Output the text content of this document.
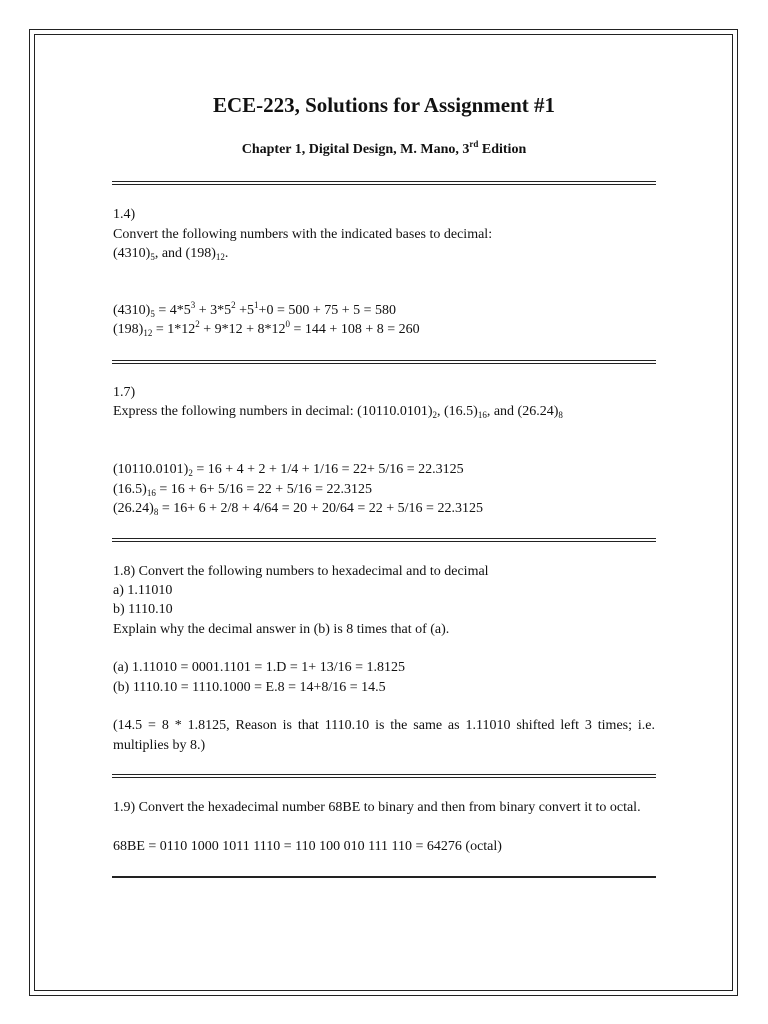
ECE-223, Solutions for Assignment #1
Chapter 1, Digital Design, M. Mano, 3rd Edition
1.4)
Convert the following numbers with the indicated bases to decimal:
$(4310)_5$, and $(198)_{12}$.
$(4310)_5 = 4*5^3 + 3*5^2 +5^1+0 = 500 + 75 + 5 = 580$
$(198)_{12} = 1*12^2 + 9*12 + 8*12^0 = 144 + 108 + 8 = 260$
1.7)
Express the following numbers in decimal: $(10110.0101)_2$, $(16.5)_{16}$, and $(26.24)_8$
$(10110.0101)_2 = 16 + 4 + 2 + 1/4 + 1/16 = 22+ 5/16 = 22.3125$
$(16.5)_{16} = 16 + 6+ 5/16 = 22 + 5/16 = 22.3125$
$(26.24)_8 = 16+ 6 + 2/8 + 4/64 = 20 + 20/64 = 22 + 5/16 = 22.3125$
1.8) Convert the following numbers to hexadecimal and to decimal
a) 1.11010
b) 1110.10
Explain why the decimal answer in (b) is 8 times that of (a).
(a) 1.11010 = 0001.1101 = 1.D = 1+ 13/16 = 1.8125
(b) 1110.10 = 1110.1000 = E.8 = 14+8/16 = 14.5
(14.5 = 8 * 1.8125, Reason is that 1110.10 is the same as 1.11010 shifted left 3 times; i.e.
multiplies by 8.)
1.9) Convert the hexadecimal number 68BE to binary and then from binary convert it to octal.
68BE = 0110 1000 1011 1110 = 110 100 010 111 110 = 64276 (octal)
